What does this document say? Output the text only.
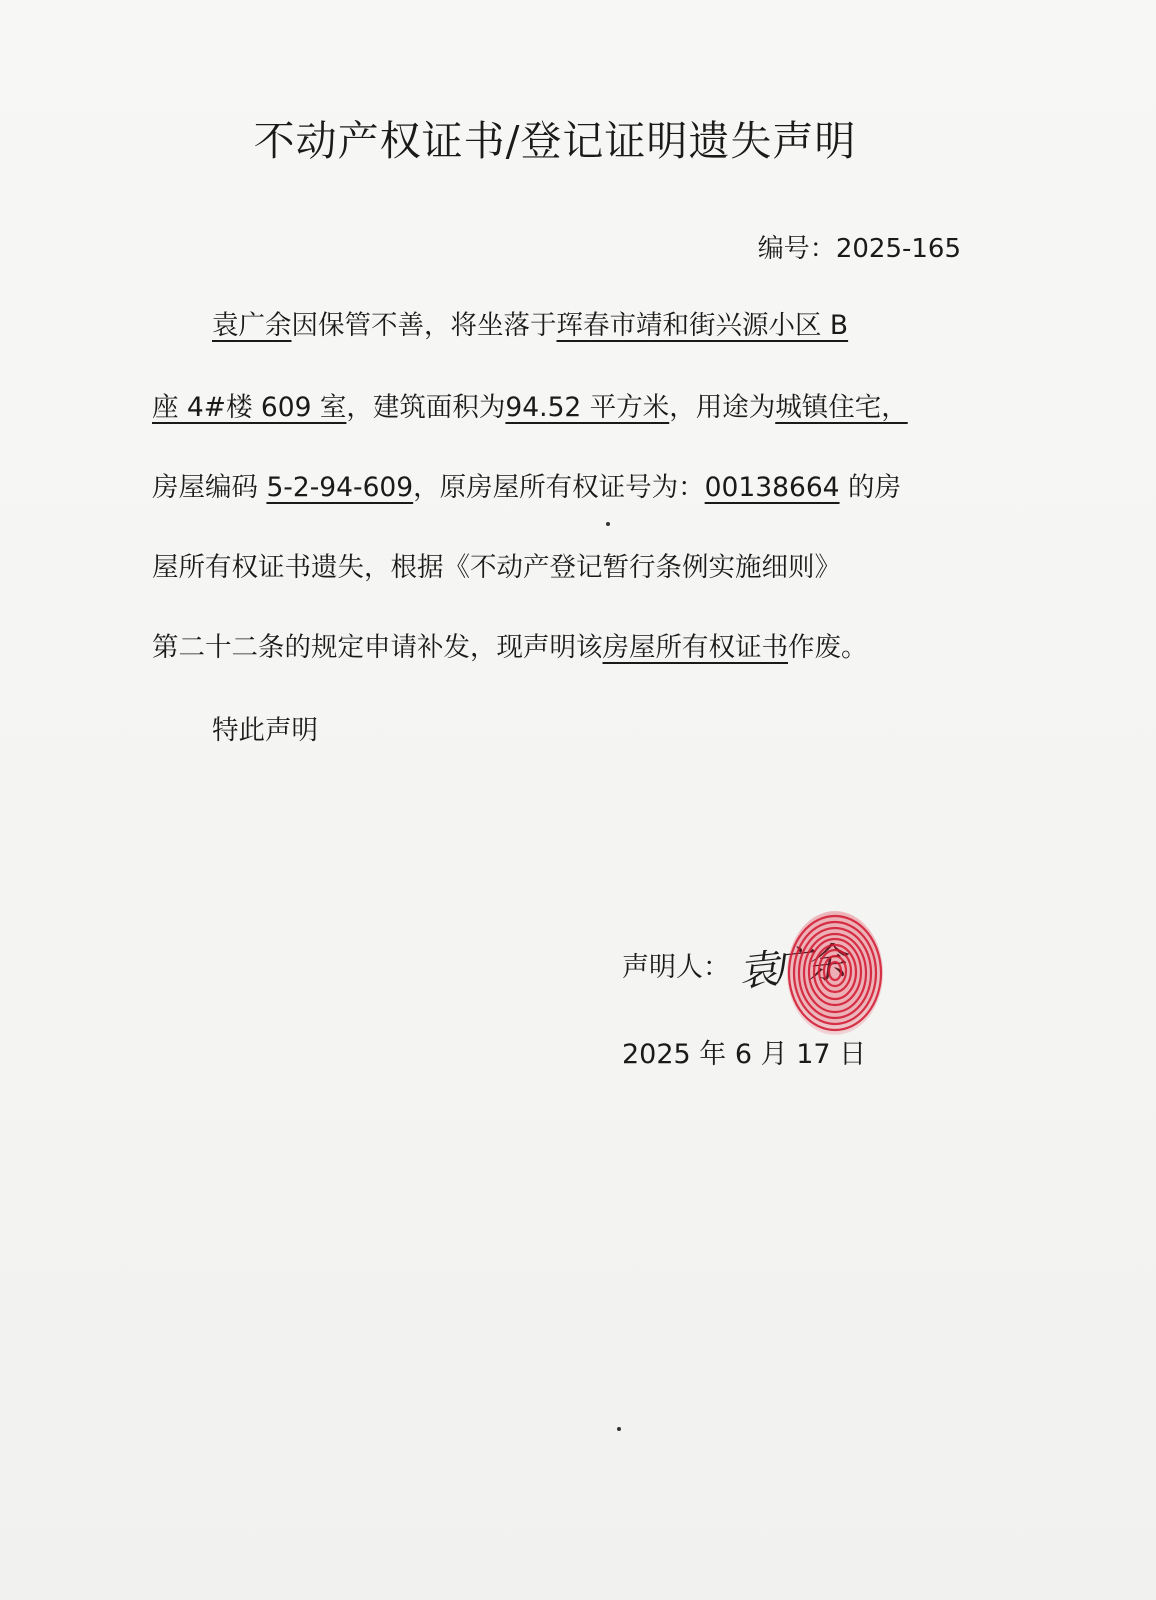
不动产权证书/登记证明遗失声明
编号：2025-165
袁广余因保管不善，将坐落于珲春市靖和街兴源小区 B
座 4#楼 609 室，建筑面积为94.52 平方米，用途为城镇住宅，
房屋编码 5-2-94-609，原房屋所有权证号为：00138664 的房
屋所有权证书遗失，根据《不动产登记暂行条例实施细则》
第二十二条的规定申请补发，现声明该房屋所有权证书作废。
特此声明
声明人： 袁广余
2025 年 6 月 17 日
